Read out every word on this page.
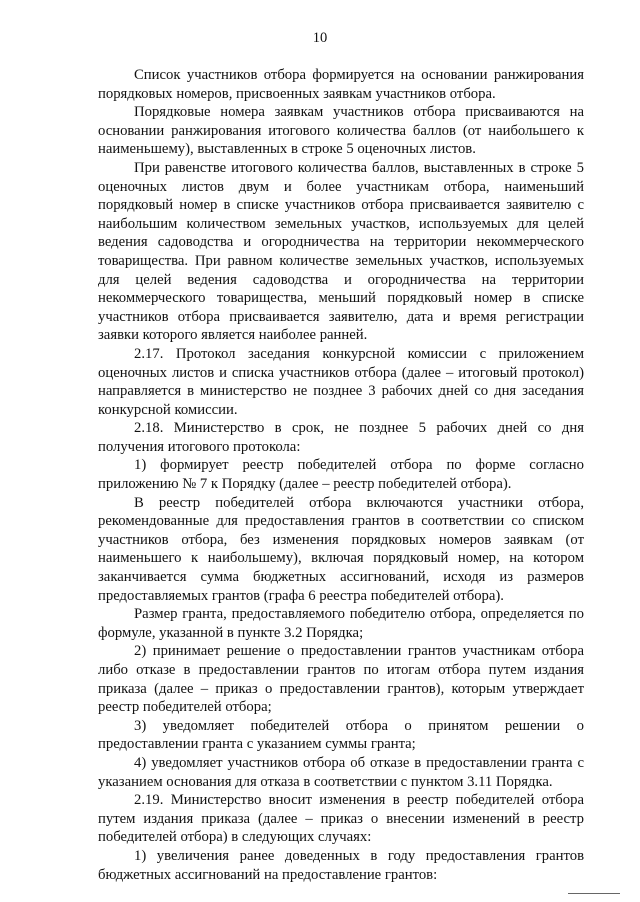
10

Список участников отбора формируется на основании ранжирования порядковых номеров, присвоенных заявкам участников отбора.

Порядковые номера заявкам участников отбора присваиваются на основании ранжирования итогового количества баллов (от наибольшего к наименьшему), выставленных в строке 5 оценочных листов.

При равенстве итогового количества баллов, выставленных в строке 5 оценочных листов двум и более участникам отбора, наименьший порядковый номер в списке участников отбора присваивается заявителю с наибольшим количеством земельных участков, используемых для целей ведения садоводства и огородничества на территории некоммерческого товарищества. При равном количестве земельных участков, используемых для целей ведения садоводства и огородничества на территории некоммерческого товарищества, меньший порядковый номер в списке участников отбора присваивается заявителю, дата и время регистрации заявки которого является наиболее ранней.

2.17. Протокол заседания конкурсной комиссии с приложением оценочных листов и списка участников отбора (далее – итоговый протокол) направляется в министерство не позднее 3 рабочих дней со дня заседания конкурсной комиссии.

2.18. Министерство в срок, не позднее 5 рабочих дней со дня получения итогового протокола:

1) формирует реестр победителей отбора по форме согласно приложению № 7 к Порядку (далее – реестр победителей отбора).

В реестр победителей отбора включаются участники отбора, рекомендованные для предоставления грантов в соответствии со списком участников отбора, без изменения порядковых номеров заявкам (от наименьшего к наибольшему), включая порядковый номер, на котором заканчивается сумма бюджетных ассигнований, исходя из размеров предоставляемых грантов (графа 6 реестра победителей отбора).

Размер гранта, предоставляемого победителю отбора, определяется по формуле, указанной в пункте 3.2 Порядка;

2) принимает решение о предоставлении грантов участникам отбора либо отказе в предоставлении грантов по итогам отбора путем издания приказа (далее – приказ о предоставлении грантов), которым утверждает реестр победителей отбора;

3) уведомляет победителей отбора о принятом решении о предоставлении гранта с указанием суммы гранта;

4) уведомляет участников отбора об отказе в предоставлении гранта с указанием основания для отказа в соответствии с пунктом 3.11 Порядка.

2.19. Министерство вносит изменения в реестр победителей отбора путем издания приказа (далее – приказ о внесении изменений в реестр победителей отбора) в следующих случаях:

1) увеличения ранее доведенных в году предоставления грантов бюджетных ассигнований на предоставление грантов:
